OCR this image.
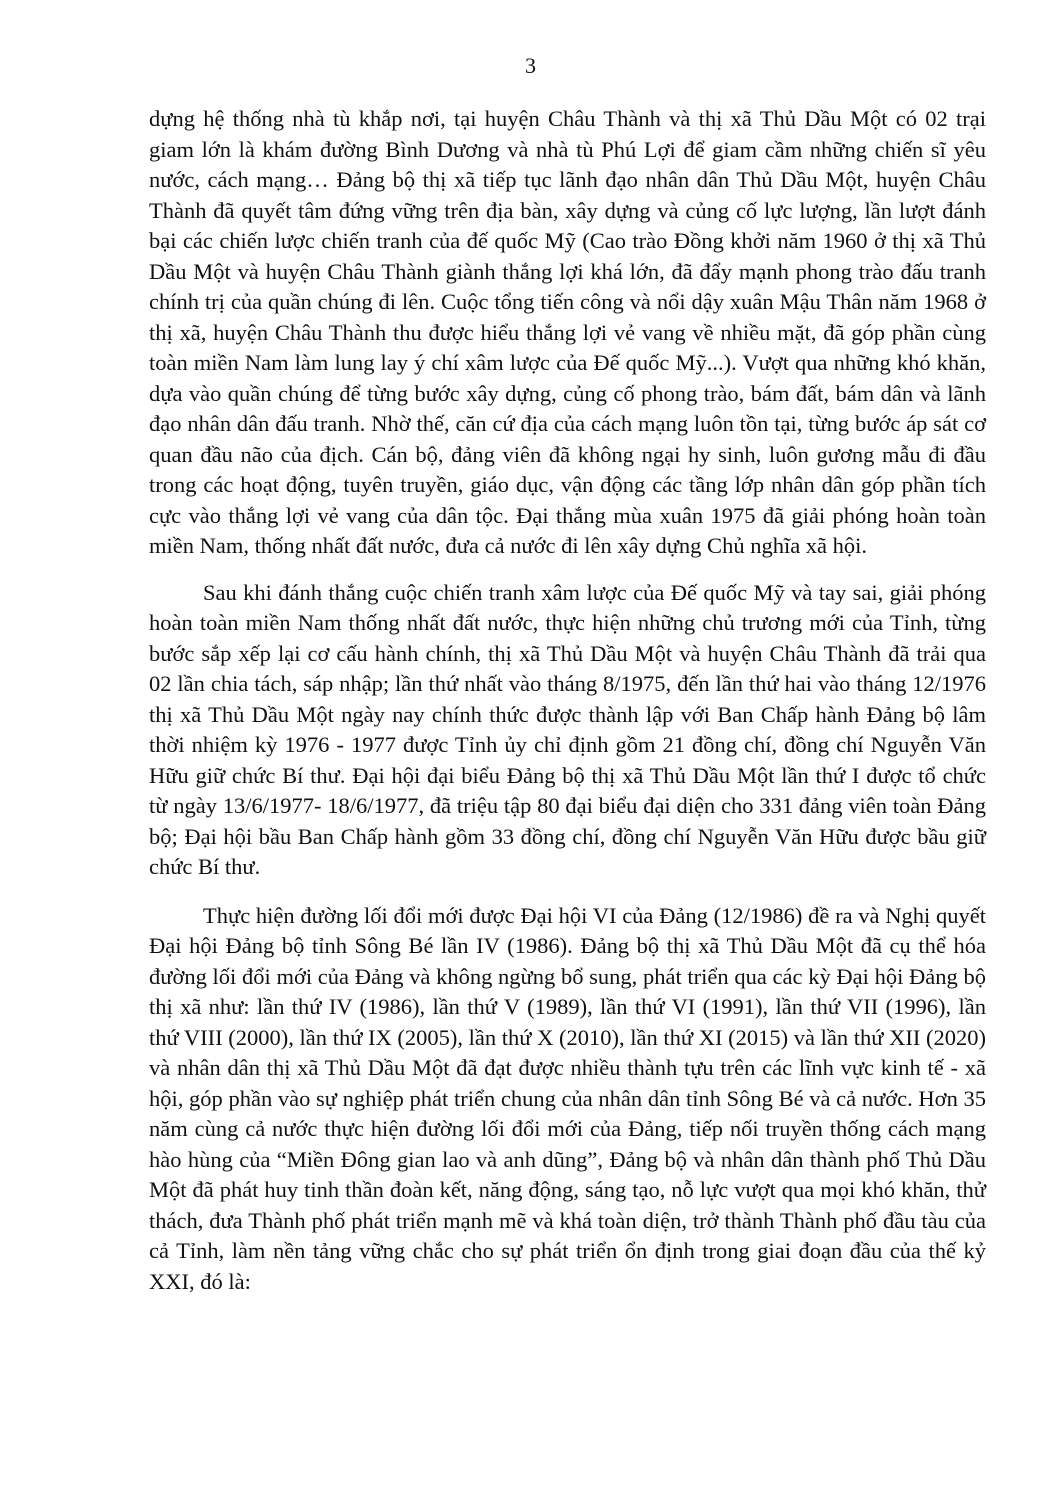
3

dựng hệ thống nhà tù khắp nơi, tại huyện Châu Thành và thị xã Thủ Dầu Một có 02 trại giam lớn là khám đường Bình Dương và nhà tù Phú Lợi để giam cầm những chiến sĩ yêu nước, cách mạng… Đảng bộ thị xã tiếp tục lãnh đạo nhân dân Thủ Dầu Một, huyện Châu Thành đã quyết tâm đứng vững trên địa bàn, xây dựng và củng cố lực lượng, lần lượt đánh bại các chiến lược chiến tranh của đế quốc Mỹ (Cao trào Đồng khởi năm 1960 ở thị xã Thủ Dầu Một và huyện Châu Thành giành thắng lợi khá lớn, đã đẩy mạnh phong trào đấu tranh chính trị của quần chúng đi lên. Cuộc tổng tiến công và nổi dậy xuân Mậu Thân năm 1968 ở thị xã, huyện Châu Thành thu được hiểu thắng lợi vẻ vang về nhiều mặt, đã góp phần cùng toàn miền Nam làm lung lay ý chí xâm lược của Đế quốc Mỹ...). Vượt qua những khó khăn, dựa vào quần chúng để từng bước xây dựng, củng cố phong trào, bám đất, bám dân và lãnh đạo nhân dân đấu tranh. Nhờ thế, căn cứ địa của cách mạng luôn tồn tại, từng bước áp sát cơ quan đầu não của địch. Cán bộ, đảng viên đã không ngại hy sinh, luôn gương mẫu đi đầu trong các hoạt động, tuyên truyền, giáo dục, vận động các tầng lớp nhân dân góp phần tích cực vào thắng lợi vẻ vang của dân tộc. Đại thắng mùa xuân 1975 đã giải phóng hoàn toàn miền Nam, thống nhất đất nước, đưa cả nước đi lên xây dựng Chủ nghĩa xã hội.

Sau khi đánh thắng cuộc chiến tranh xâm lược của Đế quốc Mỹ và tay sai, giải phóng hoàn toàn miền Nam thống nhất đất nước, thực hiện những chủ trương mới của Tỉnh, từng bước sắp xếp lại cơ cấu hành chính, thị xã Thủ Dầu Một và huyện Châu Thành đã trải qua 02 lần chia tách, sáp nhập; lần thứ nhất vào tháng 8/1975, đến lần thứ hai vào tháng 12/1976 thị xã Thủ Dầu Một ngày nay chính thức được thành lập với Ban Chấp hành Đảng bộ lâm thời nhiệm kỳ 1976 - 1977 được Tỉnh ủy chỉ định gồm 21 đồng chí, đồng chí Nguyễn Văn Hữu giữ chức Bí thư. Đại hội đại biểu Đảng bộ thị xã Thủ Dầu Một lần thứ I được tổ chức từ ngày 13/6/1977- 18/6/1977, đã triệu tập 80 đại biểu đại diện cho 331 đảng viên toàn Đảng bộ; Đại hội bầu Ban Chấp hành gồm 33 đồng chí, đồng chí Nguyễn Văn Hữu được bầu giữ chức Bí thư.

Thực hiện đường lối đổi mới được Đại hội VI của Đảng (12/1986) đề ra và Nghị quyết Đại hội Đảng bộ tỉnh Sông Bé lần IV (1986). Đảng bộ thị xã Thủ Dầu Một đã cụ thể hóa đường lối đổi mới của Đảng và không ngừng bổ sung, phát triển qua các kỳ Đại hội Đảng bộ thị xã như: lần thứ IV (1986), lần thứ V (1989), lần thứ VI (1991), lần thứ VII (1996), lần thứ VIII (2000), lần thứ IX (2005), lần thứ X (2010), lần thứ XI (2015) và lần thứ XII (2020) và nhân dân thị xã Thủ Dầu Một đã đạt được nhiều thành tựu trên các lĩnh vực kinh tế - xã hội, góp phần vào sự nghiệp phát triển chung của nhân dân tỉnh Sông Bé và cả nước. Hơn 35 năm cùng cả nước thực hiện đường lối đổi mới của Đảng, tiếp nối truyền thống cách mạng hào hùng của “Miền Đông gian lao và anh dũng”, Đảng bộ và nhân dân thành phố Thủ Dầu Một đã phát huy tinh thần đoàn kết, năng động, sáng tạo, nỗ lực vượt qua mọi khó khăn, thử thách, đưa Thành phố phát triển mạnh mẽ và khá toàn diện, trở thành Thành phố đầu tàu của cả Tỉnh, làm nền tảng vững chắc cho sự phát triển ổn định trong giai đoạn đầu của thế kỷ XXI, đó là:
